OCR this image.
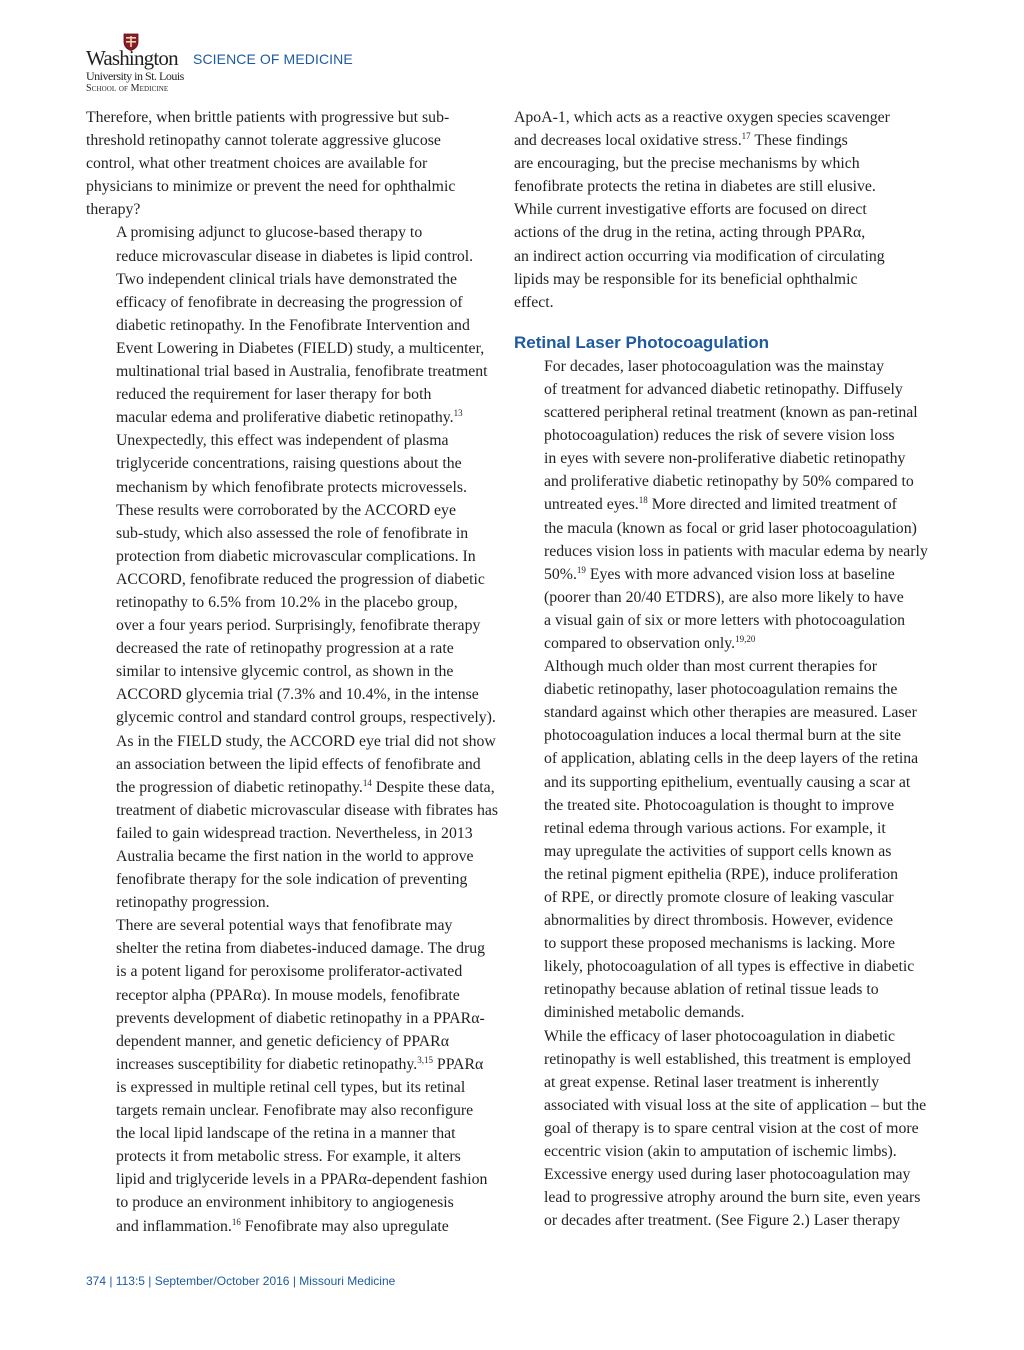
Washington
University in St. Louis
School of Medicine
SCIENCE OF MEDICINE

Therefore, when brittle patients with progressive but sub-
threshold retinopathy cannot tolerate aggressive glucose
control, what other treatment choices are available for
physicians to minimize or prevent the need for ophthalmic
therapy?

A promising adjunct to glucose-based therapy to
reduce microvascular disease in diabetes is lipid control.
Two independent clinical trials have demonstrated the
efficacy of fenofibrate in decreasing the progression of
diabetic retinopathy. In the Fenofibrate Intervention and
Event Lowering in Diabetes (FIELD) study, a multicenter,
multinational trial based in Australia, fenofibrate treatment
reduced the requirement for laser therapy for both
macular edema and proliferative diabetic retinopathy.$^{13}$
Unexpectedly, this effect was independent of plasma
triglyceride concentrations, raising questions about the
mechanism by which fenofibrate protects microvessels.
These results were corroborated by the ACCORD eye
sub-study, which also assessed the role of fenofibrate in
protection from diabetic microvascular complications. In
ACCORD, fenofibrate reduced the progression of diabetic
retinopathy to 6.5% from 10.2% in the placebo group,
over a four years period. Surprisingly, fenofibrate therapy
decreased the rate of retinopathy progression at a rate
similar to intensive glycemic control, as shown in the
ACCORD glycemia trial (7.3% and 10.4%, in the intense
glycemic control and standard control groups, respectively).
As in the FIELD study, the ACCORD eye trial did not show
an association between the lipid effects of fenofibrate and
the progression of diabetic retinopathy.$^{14}$ Despite these data,
treatment of diabetic microvascular disease with fibrates has
failed to gain widespread traction. Nevertheless, in 2013
Australia became the first nation in the world to approve
fenofibrate therapy for the sole indication of preventing
retinopathy progression.

There are several potential ways that fenofibrate may
shelter the retina from diabetes-induced damage. The drug
is a potent ligand for peroxisome proliferator-activated
receptor alpha (PPARα). In mouse models, fenofibrate
prevents development of diabetic retinopathy in a PPARα-
dependent manner, and genetic deficiency of PPARα
increases susceptibility for diabetic retinopathy.$^{3,15}$ PPARα
is expressed in multiple retinal cell types, but its retinal
targets remain unclear. Fenofibrate may also reconfigure
the local lipid landscape of the retina in a manner that
protects it from metabolic stress. For example, it alters
lipid and triglyceride levels in a PPARα-dependent fashion
to produce an environment inhibitory to angiogenesis
and inflammation.$^{16}$ Fenofibrate may also upregulate

ApoA-1, which acts as a reactive oxygen species scavenger
and decreases local oxidative stress.$^{17}$ These findings
are encouraging, but the precise mechanisms by which
fenofibrate protects the retina in diabetes are still elusive.
While current investigative efforts are focused on direct
actions of the drug in the retina, acting through PPARα,
an indirect action occurring via modification of circulating
lipids may be responsible for its beneficial ophthalmic
effect.

Retinal Laser Photocoagulation

For decades, laser photocoagulation was the mainstay
of treatment for advanced diabetic retinopathy. Diffusely
scattered peripheral retinal treatment (known as pan-retinal
photocoagulation) reduces the risk of severe vision loss
in eyes with severe non-proliferative diabetic retinopathy
and proliferative diabetic retinopathy by 50% compared to
untreated eyes.$^{18}$ More directed and limited treatment of
the macula (known as focal or grid laser photocoagulation)
reduces vision loss in patients with macular edema by nearly
50%.$^{19}$ Eyes with more advanced vision loss at baseline
(poorer than 20/40 ETDRS), are also more likely to have
a visual gain of six or more letters with photocoagulation
compared to observation only.$^{19,20}$

Although much older than most current therapies for
diabetic retinopathy, laser photocoagulation remains the
standard against which other therapies are measured. Laser
photocoagulation induces a local thermal burn at the site
of application, ablating cells in the deep layers of the retina
and its supporting epithelium, eventually causing a scar at
the treated site. Photocoagulation is thought to improve
retinal edema through various actions. For example, it
may upregulate the activities of support cells known as
the retinal pigment epithelia (RPE), induce proliferation
of RPE, or directly promote closure of leaking vascular
abnormalities by direct thrombosis. However, evidence
to support these proposed mechanisms is lacking. More
likely, photocoagulation of all types is effective in diabetic
retinopathy because ablation of retinal tissue leads to
diminished metabolic demands.

While the efficacy of laser photocoagulation in diabetic
retinopathy is well established, this treatment is employed
at great expense. Retinal laser treatment is inherently
associated with visual loss at the site of application – but the
goal of therapy is to spare central vision at the cost of more
eccentric vision (akin to amputation of ischemic limbs).
Excessive energy used during laser photocoagulation may
lead to progressive atrophy around the burn site, even years
or decades after treatment. (See Figure 2.) Laser therapy

374 | 113:5 | September/October 2016 | Missouri Medicine
